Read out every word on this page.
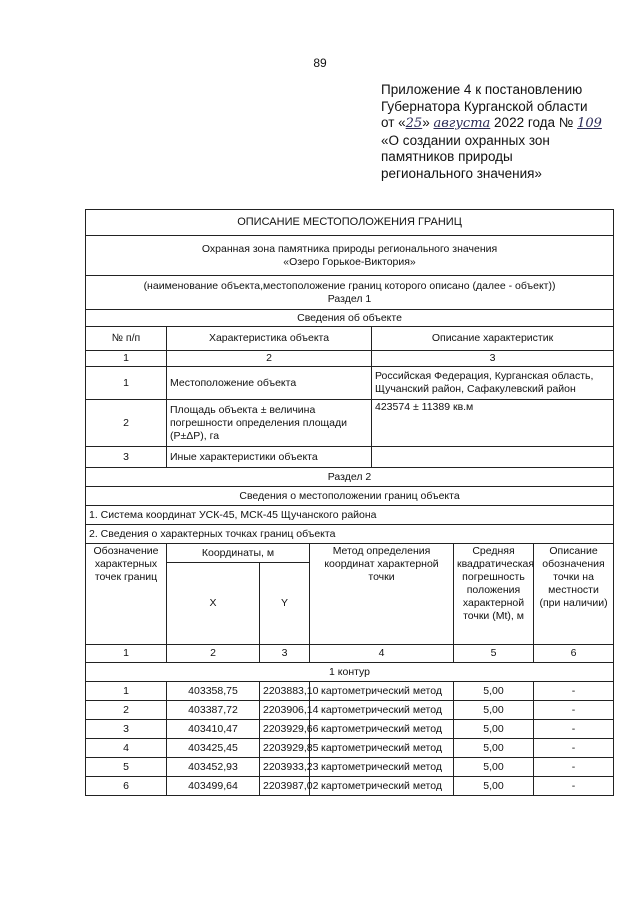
89
Приложение 4 к постановлению
Губернатора Курганской области
от «25» августа 2022 года № 109
«О создании охранных зон
памятников природы
регионального значения»
ОПИСАНИЕ МЕСТОПОЛОЖЕНИЯ ГРАНИЦ						

Охранная зона памятника природы регионального значения
«Озеро Горькое-Виктория»						

(наименование объекта,местоположение границ которого описано (далее - объект))
Раздел 1						

Сведения об объекте						
№ п/п	Характеристика объекта			Описание характеристик		
1	2			3		
1	Местоположение объекта			Российская Федерация, Курганская область, Щучанский район, Сафакулевский район		
2	Площадь объекта ± величина погрешности определения площади (P±ΔP), га			423574 ± 11389 кв.м		
3	Иные характеристики объекта					
Раздел 2						
Сведения о местоположении границ объекта						
1. Система координат УСК-45, МСК-45 Щучанского района						
2. Сведения о характерных точках границ объекта						
Обозначение характерных точек границ	Координаты, м		Метод определения координат характерной точки		Средняя квадратическая погрешность положения характерной точки (Mt), м	Описание обозначения точки на местности (при наличии)
	X	Y				
1	2	3	4		5	6
1 контур						
1	403358,75	2203883,10	картометрический метод		5,00	-
2	403387,72	2203906,14	картометрический метод		5,00	-
3	403410,47	2203929,66	картометрический метод		5,00	-
4	403425,45	2203929,85	картометрический метод		5,00	-
5	403452,93	2203933,23	картометрический метод		5,00	-
6	403499,64	2203987,02	картометрический метод		5,00	-
